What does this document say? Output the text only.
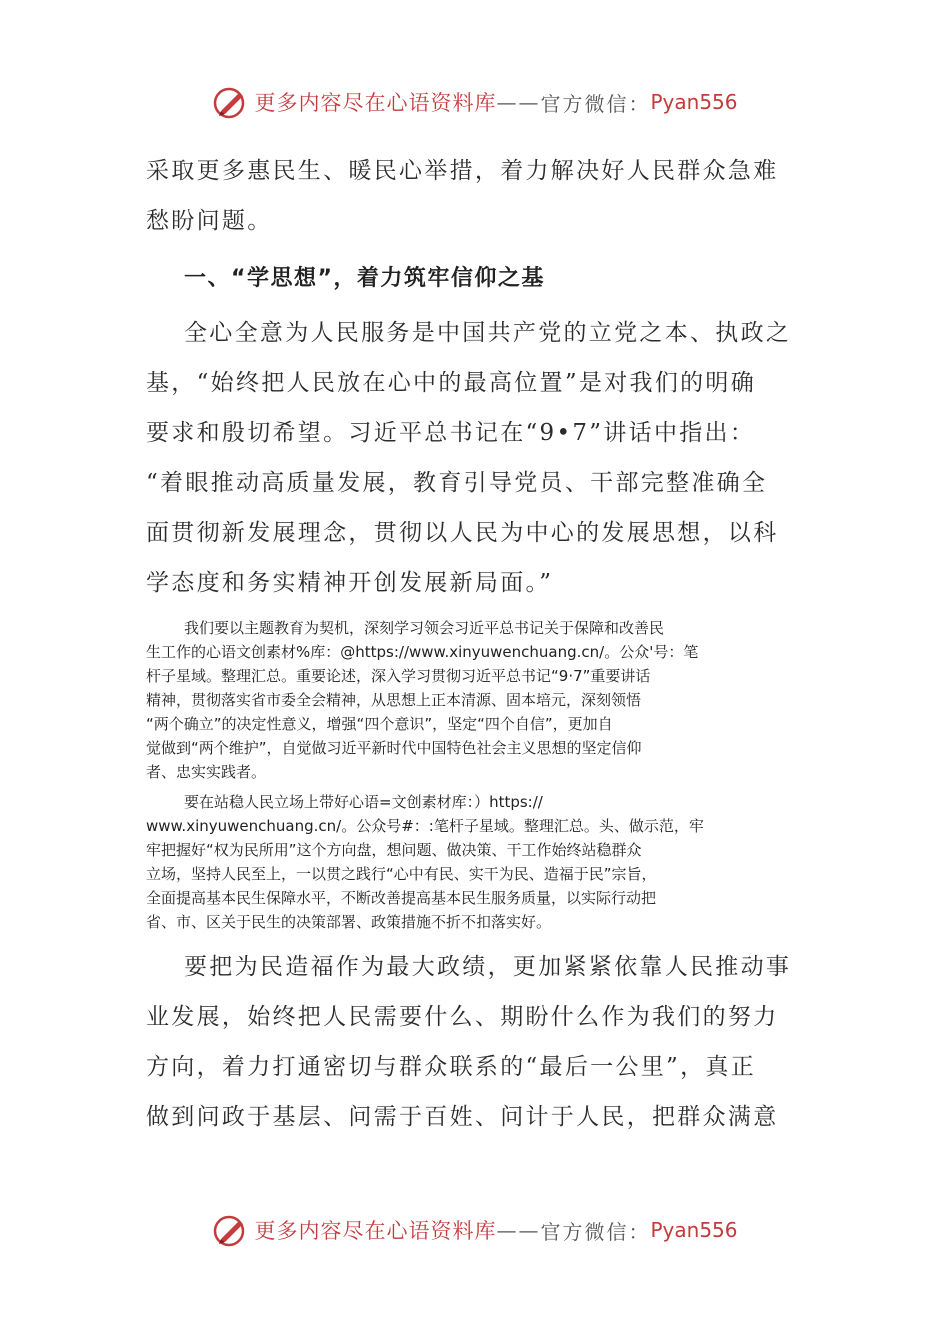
更多内容尽在心语资料库 —— 官方微信： Pyan556

采取更多惠民生、暖民心举措，着力解决好人民群众急难

愁盼问题。

一、“学思想”，着力筑牢信仰之基

全心全意为人民服务是中国共产党的立党之本、执政之

基，“始终把人民放在心中的最高位置”是对我们的明确

要求和殷切希望。习近平总书记在“9•7”讲话中指出：

“着眼推动高质量发展，教育引导党员、干部完整准确全

面贯彻新发展理念，贯彻以人民为中心的发展思想，以科

学态度和务实精神开创发展新局面。”

我们要以主题教育为契机，深刻学习领会习近平总书记关于保障和改善民

生工作的心语文创素材%库：@https://www.xinyuwenchuang.cn/。公众'号：笔

杆子星域。整理汇总。重要论述，深入学习贯彻习近平总书记“9·7”重要讲话

精神，贯彻落实省市委全会精神，从思想上正本清源、固本培元，深刻领悟

“两个确立”的决定性意义，增强“四个意识”，坚定“四个自信”，更加自

觉做到“两个维护”，自觉做习近平新时代中国特色社会主义思想的坚定信仰

者、忠实实践者。

要在站稳人民立场上带好心语=文创素材库：）https://

www.xinyuwenchuang.cn/。公众号#：:笔杆子星域。整理汇总。头、做示范，牢

牢把握好“权为民所用”这个方向盘，想问题、做决策、干工作始终站稳群众

立场，坚持人民至上，一以贯之践行“心中有民、实干为民、造福于民”宗旨，

全面提高基本民生保障水平，不断改善提高基本民生服务质量，以实际行动把

省、市、区关于民生的决策部署、政策措施不折不扣落实好。

要把为民造福作为最大政绩，更加紧紧依靠人民推动事

业发展，始终把人民需要什么、期盼什么作为我们的努力

方向，着力打通密切与群众联系的“最后一公里”，真正

做到问政于基层、问需于百姓、问计于人民，把群众满意

更多内容尽在心语资料库 —— 官方微信： Pyan556
